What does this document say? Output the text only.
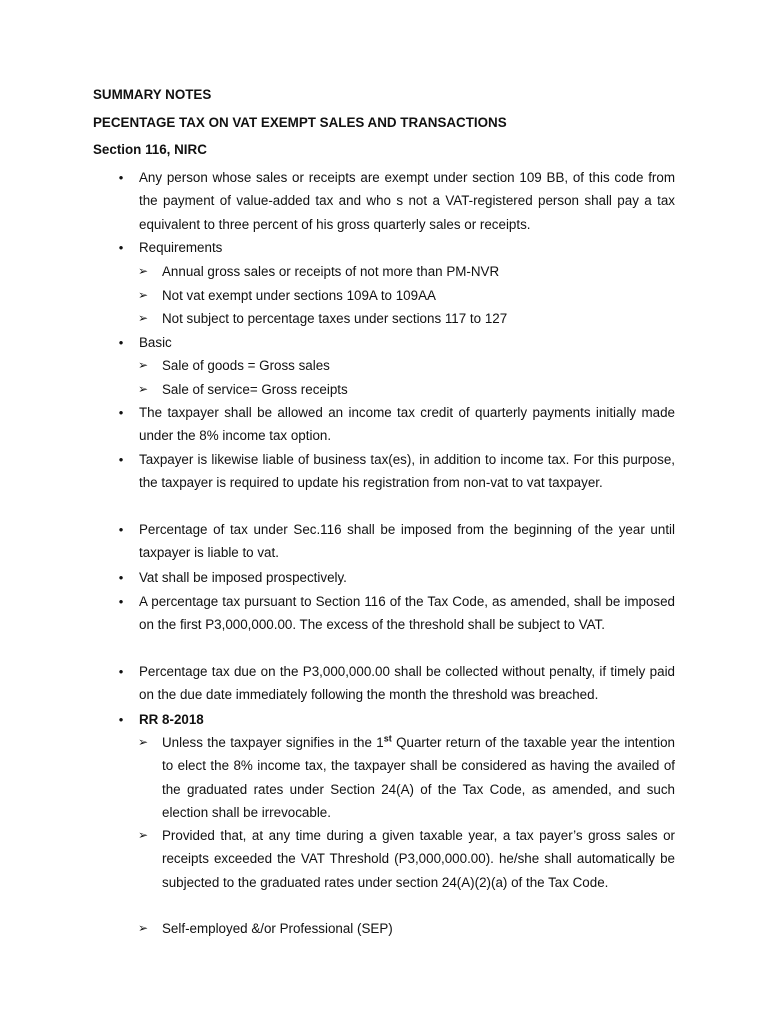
SUMMARY NOTES
PECENTAGE TAX ON VAT EXEMPT SALES AND TRANSACTIONS
Section 116, NIRC
• Any person whose sales or receipts are exempt under section 109 BB, of this code from the payment of value-added tax and who s not a VAT-registered person shall pay a tax equivalent to three percent of his gross quarterly sales or receipts.
• Requirements
➢ Annual gross sales or receipts of not more than PM-NVR
➢ Not vat exempt under sections 109A to 109AA
➢ Not subject to percentage taxes under sections 117 to 127
• Basic
➢ Sale of goods = Gross sales
➢ Sale of service= Gross receipts
• The taxpayer shall be allowed an income tax credit of quarterly payments initially made under the 8% income tax option.
• Taxpayer is likewise liable of business tax(es), in addition to income tax. For this purpose, the taxpayer is required to update his registration from non-vat to vat taxpayer.
• Percentage of tax under Sec.116 shall be imposed from the beginning of the year until taxpayer is liable to vat.
• Vat shall be imposed prospectively.
• A percentage tax pursuant to Section 116 of the Tax Code, as amended, shall be imposed on the first P3,000,000.00. The excess of the threshold shall be subject to VAT.
• Percentage tax due on the P3,000,000.00 shall be collected without penalty, if timely paid on the due date immediately following the month the threshold was breached.
• RR 8-2018
➢ Unless the taxpayer signifies in the 1st Quarter return of the taxable year the intention to elect the 8% income tax, the taxpayer shall be considered as having the availed of the graduated rates under Section 24(A) of the Tax Code, as amended, and such election shall be irrevocable.
➢ Provided that, at any time during a given taxable year, a tax payer’s gross sales or receipts exceeded the VAT Threshold (P3,000,000.00). he/she shall automatically be subjected to the graduated rates under section 24(A)(2)(a) of the Tax Code.
➢ Self-employed &/or Professional (SEP)
